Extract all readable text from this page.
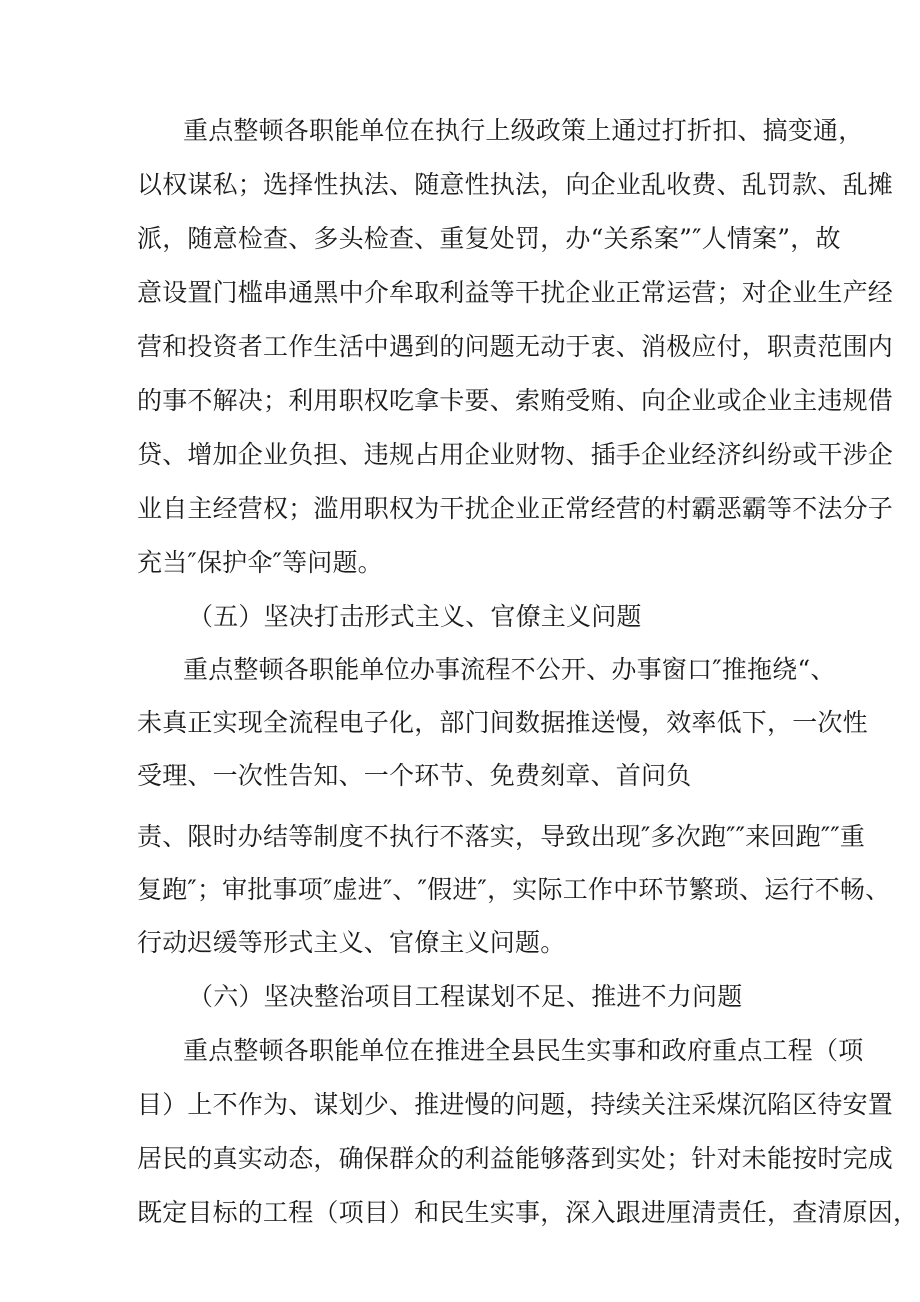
重点整顿各职能单位在执行上级政策上通过打折扣、搞变通，
以权谋私；选择性执法、随意性执法，向企业乱收费、乱罚款、乱摊
派，随意检查、多头检查、重复处罚，办“关系案”″人情案”，故
意设置门槛串通黑中介牟取利益等干扰企业正常运营；对企业生产经
营和投资者工作生活中遇到的问题无动于衷、消极应付，职责范围内
的事不解决；利用职权吃拿卡要、索贿受贿、向企业或企业主违规借
贷、增加企业负担、违规占用企业财物、插手企业经济纠纷或干涉企
业自主经营权；滥用职权为干扰企业正常经营的村霸恶霸等不法分子
充当″保护伞″等问题。
（五）坚决打击形式主义、官僚主义问题
重点整顿各职能单位办事流程不公开、办事窗口″推拖绕“、
未真正实现全流程电子化，部门间数据推送慢，效率低下，一次性
受理、一次性告知、一个环节、免费刻章、首问负
责、限时办结等制度不执行不落实，导致出现″多次跑″″来回跑″″重
复跑″；审批事项″虚进″、″假进″，实际工作中环节繁琐、运行不畅、
行动迟缓等形式主义、官僚主义问题。
（六）坚决整治项目工程谋划不足、推进不力问题
重点整顿各职能单位在推进全县民生实事和政府重点工程（项
目）上不作为、谋划少、推进慢的问题，持续关注采煤沉陷区待安置
居民的真实动态，确保群众的利益能够落到实处；针对未能按时完成
既定目标的工程（项目）和民生实事，深入跟进厘清责任，查清原因，
